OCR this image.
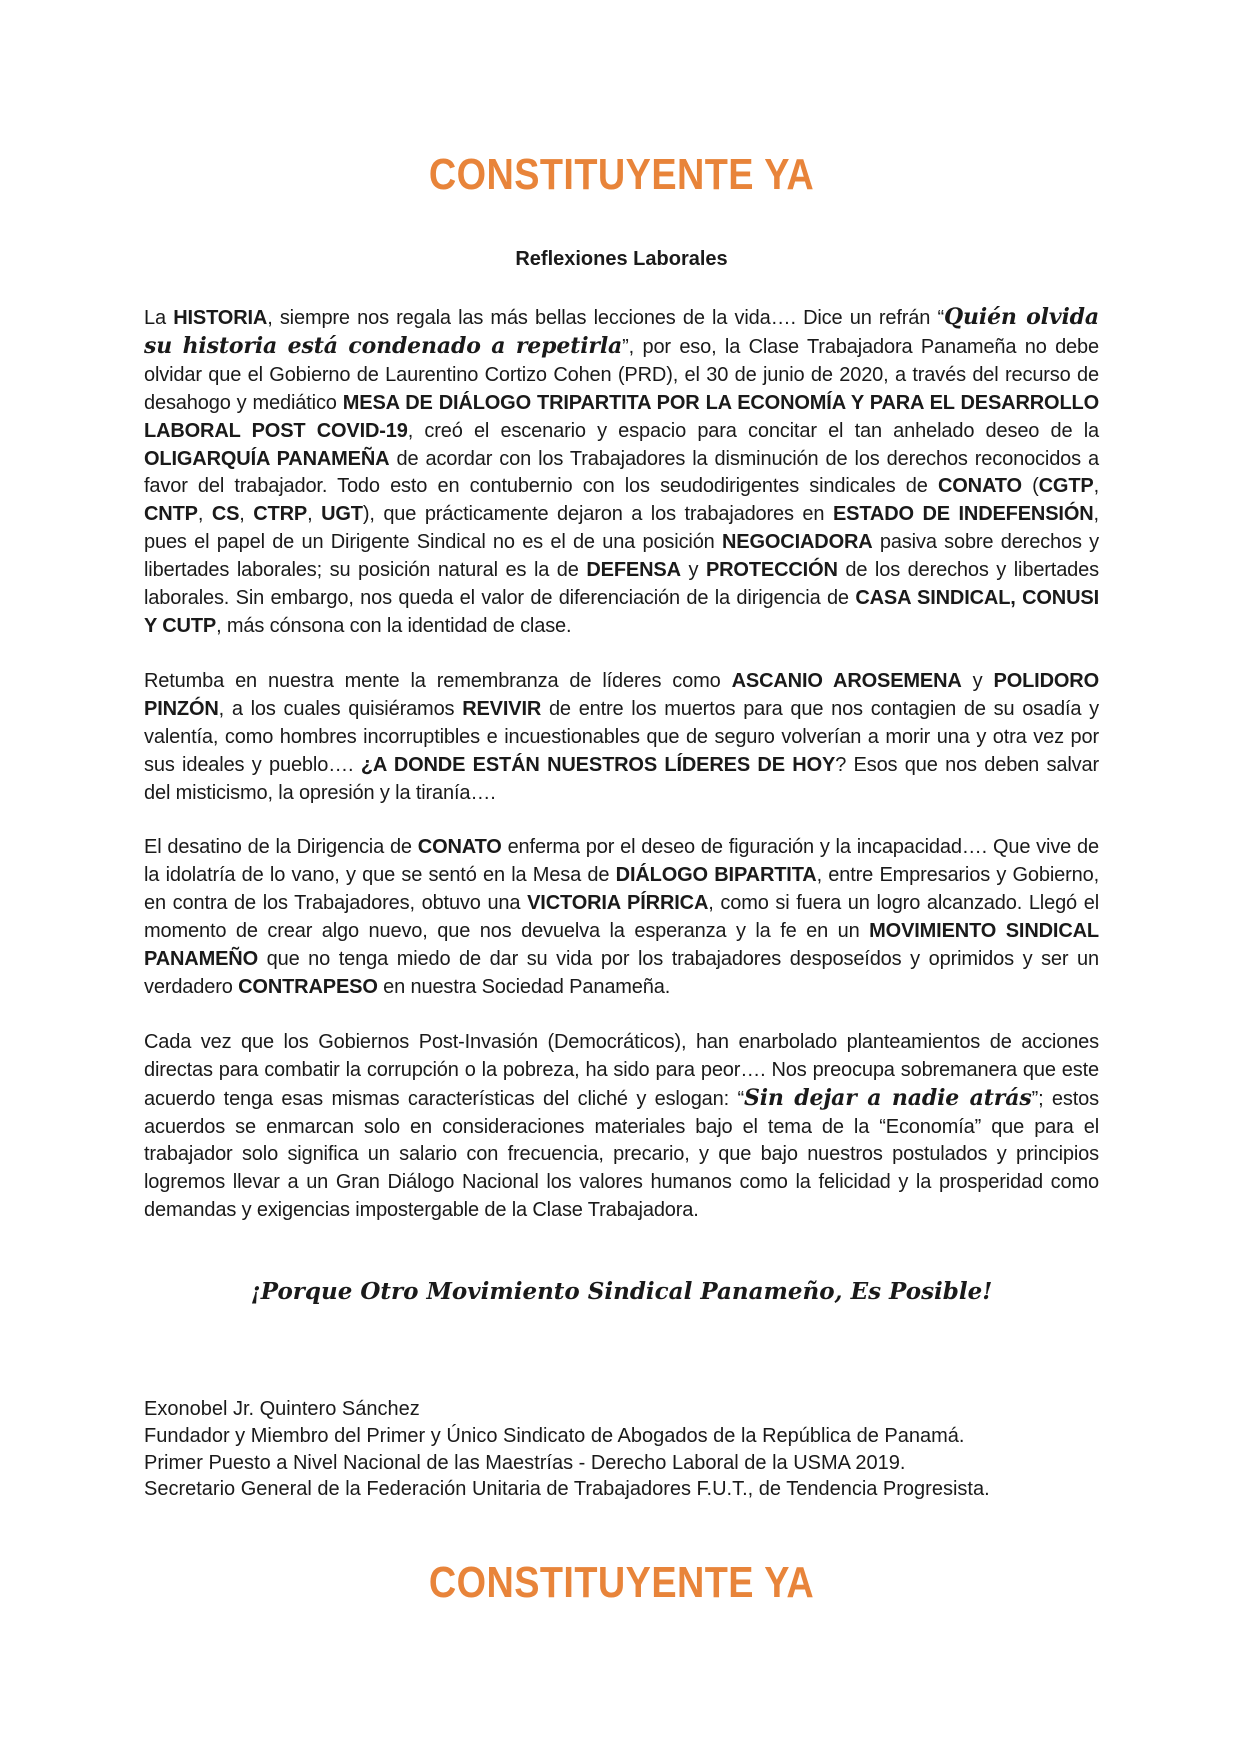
CONSTITUYENTE YA
Reflexiones Laborales

La HISTORIA, siempre nos regala las más bellas lecciones de la vida…. Dice un refrán “Quién olvida su historia está condenado a repetirla”, por eso, la Clase Trabajadora Panameña no debe olvidar que el Gobierno de Laurentino Cortizo Cohen (PRD), el 30 de junio de 2020, a través del recurso de desahogo y mediático MESA DE DIÁLOGO TRIPARTITA POR LA ECONOMÍA Y PARA EL DESARROLLO LABORAL POST COVID-19, creó el escenario y espacio para concitar el tan anhelado deseo de la OLIGARQUÍA PANAMEÑA de acordar con los Trabajadores la disminución de los derechos reconocidos a favor del trabajador. Todo esto en contubernio con los seudodirigentes sindicales de CONATO (CGTP, CNTP, CS, CTRP, UGT), que prácticamente dejaron a los trabajadores en ESTADO DE INDEFENSIÓN, pues el papel de un Dirigente Sindical no es el de una posición NEGOCIADORA pasiva sobre derechos y libertades laborales; su posición natural es la de DEFENSA y PROTECCIÓN de los derechos y libertades laborales. Sin embargo, nos queda el valor de diferenciación de la dirigencia de CASA SINDICAL, CONUSI Y CUTP, más cónsona con la identidad de clase.

Retumba en nuestra mente la remembranza de líderes como ASCANIO AROSEMENA y POLIDORO PINZÓN, a los cuales quisiéramos REVIVIR de entre los muertos para que nos contagien de su osadía y valentía, como hombres incorruptibles e incuestionables que de seguro volverían a morir una y otra vez por sus ideales y pueblo…. ¿A DONDE ESTÁN NUESTROS LÍDERES DE HOY? Esos que nos deben salvar del misticismo, la opresión y la tiranía….

El desatino de la Dirigencia de CONATO enferma por el deseo de figuración y la incapacidad…. Que vive de la idolatría de lo vano, y que se sentó en la Mesa de DIÁLOGO BIPARTITA, entre Empresarios y Gobierno, en contra de los Trabajadores, obtuvo una VICTORIA PÍRRICA, como si fuera un logro alcanzado. Llegó el momento de crear algo nuevo, que nos devuelva la esperanza y la fe en un MOVIMIENTO SINDICAL PANAMEÑO que no tenga miedo de dar su vida por los trabajadores desposeídos y oprimidos y ser un verdadero CONTRAPESO en nuestra Sociedad Panameña.

Cada vez que los Gobiernos Post-Invasión (Democráticos), han enarbolado planteamientos de acciones directas para combatir la corrupción o la pobreza, ha sido para peor…. Nos preocupa sobremanera que este acuerdo tenga esas mismas características del cliché y eslogan: “Sin dejar a nadie atrás”; estos acuerdos se enmarcan solo en consideraciones materiales bajo el tema de la “Economía” que para el trabajador solo significa un salario con frecuencia, precario, y que bajo nuestros postulados y principios logremos llevar a un Gran Diálogo Nacional los valores humanos como la felicidad y la prosperidad como demandas y exigencias impostergable de la Clase Trabajadora.

¡Porque Otro Movimiento Sindical Panameño, Es Posible!
Exonobel Jr. Quintero Sánchez
Fundador y Miembro del Primer y Único Sindicato de Abogados de la República de Panamá.
Primer Puesto a Nivel Nacional de las Maestrías - Derecho Laboral de la USMA 2019.
Secretario General de la Federación Unitaria de Trabajadores F.U.T., de Tendencia Progresista.
CONSTITUYENTE YA
